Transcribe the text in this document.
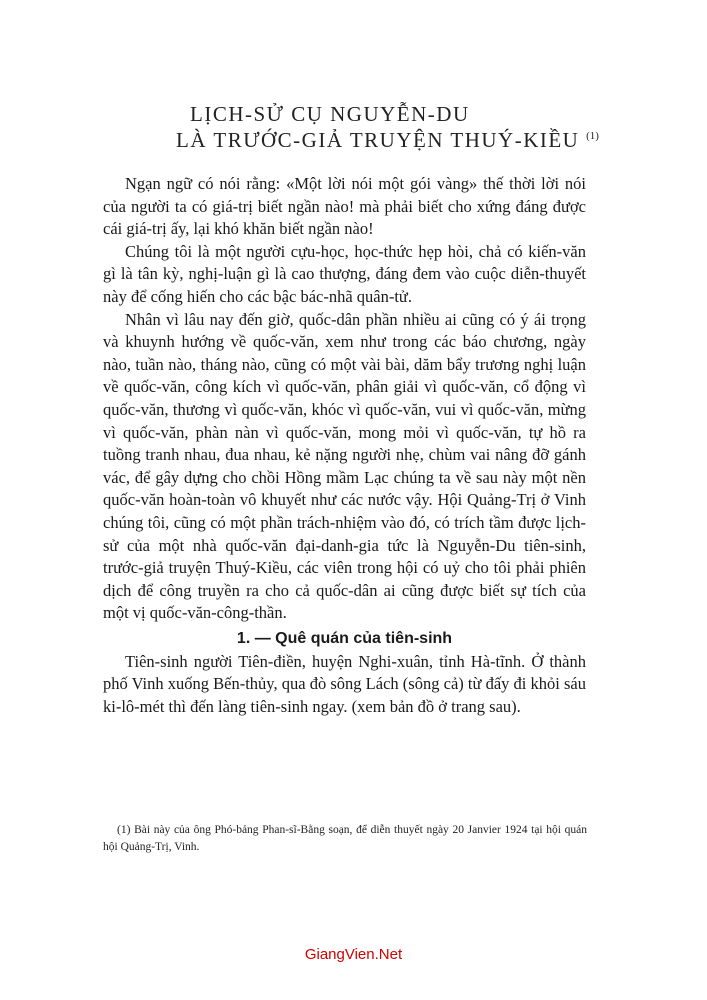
LỊCH-SỬ CỤ NGUYỄN-DU
LÀ TRƯỚC-GIẢ TRUYỆN THUÝ-KIỀU $^{(1)}$

Ngạn ngữ có nói rằng: «Một lời nói một gói vàng» thế thời lời nói của người ta có giá-trị biết ngần nào! mà phải biết cho xứng đáng được cái giá-trị ấy, lại khó khăn biết ngần nào!

Chúng tôi là một người cựu-học, học-thức hẹp hòi, chả có kiến-văn gì là tân kỳ, nghị-luận gì là cao thượng, đáng đem vào cuộc diễn-thuyết này để cống hiến cho các bậc bác-nhã quân-tử.

Nhân vì lâu nay đến giờ, quốc-dân phần nhiều ai cũng có ý ái trọng và khuynh hướng về quốc-văn, xem như trong các báo chương, ngày nào, tuần nào, tháng nào, cũng có một vài bài, dăm bẩy trương nghị luận về quốc-văn, công kích vì quốc-văn, phân giải vì quốc-văn, cổ động vì quốc-văn, thương vì quốc-văn, khóc vì quốc-văn, vui vì quốc-văn, mừng vì quốc-văn, phàn nàn vì quốc-văn, mong mỏi vì quốc-văn, tự hồ ra tuồng tranh nhau, đua nhau, kẻ nặng người nhẹ, chùm vai nâng đỡ gánh vác, để gây dựng cho chồi Hồng mầm Lạc chúng ta về sau này một nền quốc-văn hoàn-toàn vô khuyết như các nước vậy. Hội Quảng-Trị ở Vinh chúng tôi, cũng có một phần trách-nhiệm vào đó, có trích tầm được lịch-sử của một nhà quốc-văn đại-danh-gia tức là Nguyễn-Du tiên-sinh, trước-giả truyện Thuý-Kiều, các viên trong hội có uỷ cho tôi phải phiên dịch để công truyền ra cho cả quốc-dân ai cũng được biết sự tích của một vị quốc-văn-công-thần.

1. — Quê quán của tiên-sinh

Tiên-sinh người Tiên-điền, huyện Nghi-xuân, tỉnh Hà-tĩnh. Ở thành phố Vinh xuống Bến-thủy, qua đò sông Lách (sông cả) từ đấy đi khỏi sáu ki-lô-mét thì đến làng tiên-sinh ngay. (xem bản đồ ở trang sau).

(1) Bài này của ông Phó-bảng Phan-sĩ-Bằng soạn, để diễn thuyết ngày 20 Janvier 1924 tại hội quán hội Quảng-Trị, Vinh.
GiangVien.Net
